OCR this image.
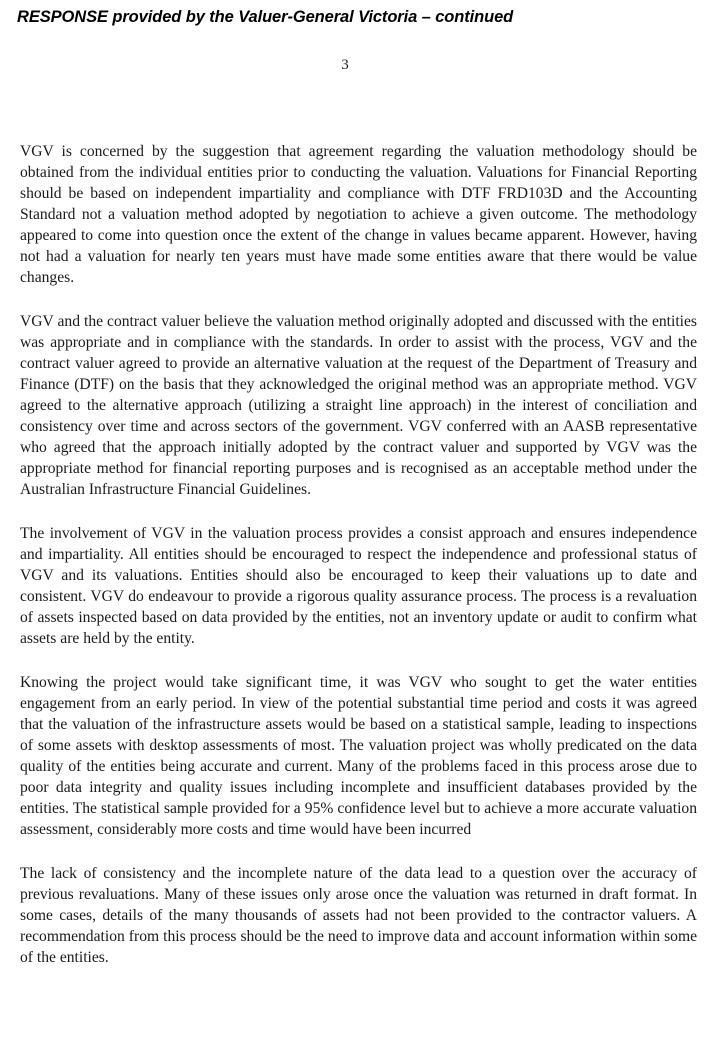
RESPONSE provided by the Valuer-General Victoria – continued
3

VGV is concerned by the suggestion that agreement regarding the valuation methodology should be obtained from the individual entities prior to conducting the valuation. Valuations for Financial Reporting should be based on independent impartiality and compliance with DTF FRD103D and the Accounting Standard not a valuation method adopted by negotiation to achieve a given outcome. The methodology appeared to come into question once the extent of the change in values became apparent. However, having not had a valuation for nearly ten years must have made some entities aware that there would be value changes.

VGV and the contract valuer believe the valuation method originally adopted and discussed with the entities was appropriate and in compliance with the standards. In order to assist with the process, VGV and the contract valuer agreed to provide an alternative valuation at the request of the Department of Treasury and Finance (DTF) on the basis that they acknowledged the original method was an appropriate method. VGV agreed to the alternative approach (utilizing a straight line approach) in the interest of conciliation and consistency over time and across sectors of the government. VGV conferred with an AASB representative who agreed that the approach initially adopted by the contract valuer and supported by VGV was the appropriate method for financial reporting purposes and is recognised as an acceptable method under the Australian Infrastructure Financial Guidelines.

The involvement of VGV in the valuation process provides a consist approach and ensures independence and impartiality. All entities should be encouraged to respect the independence and professional status of VGV and its valuations. Entities should also be encouraged to keep their valuations up to date and consistent. VGV do endeavour to provide a rigorous quality assurance process. The process is a revaluation of assets inspected based on data provided by the entities, not an inventory update or audit to confirm what assets are held by the entity.

Knowing the project would take significant time, it was VGV who sought to get the water entities engagement from an early period. In view of the potential substantial time period and costs it was agreed that the valuation of the infrastructure assets would be based on a statistical sample, leading to inspections of some assets with desktop assessments of most. The valuation project was wholly predicated on the data quality of the entities being accurate and current. Many of the problems faced in this process arose due to poor data integrity and quality issues including incomplete and insufficient databases provided by the entities. The statistical sample provided for a 95% confidence level but to achieve a more accurate valuation assessment, considerably more costs and time would have been incurred

The lack of consistency and the incomplete nature of the data lead to a question over the accuracy of previous revaluations. Many of these issues only arose once the valuation was returned in draft format. In some cases, details of the many thousands of assets had not been provided to the contractor valuers. A recommendation from this process should be the need to improve data and account information within some of the entities.
